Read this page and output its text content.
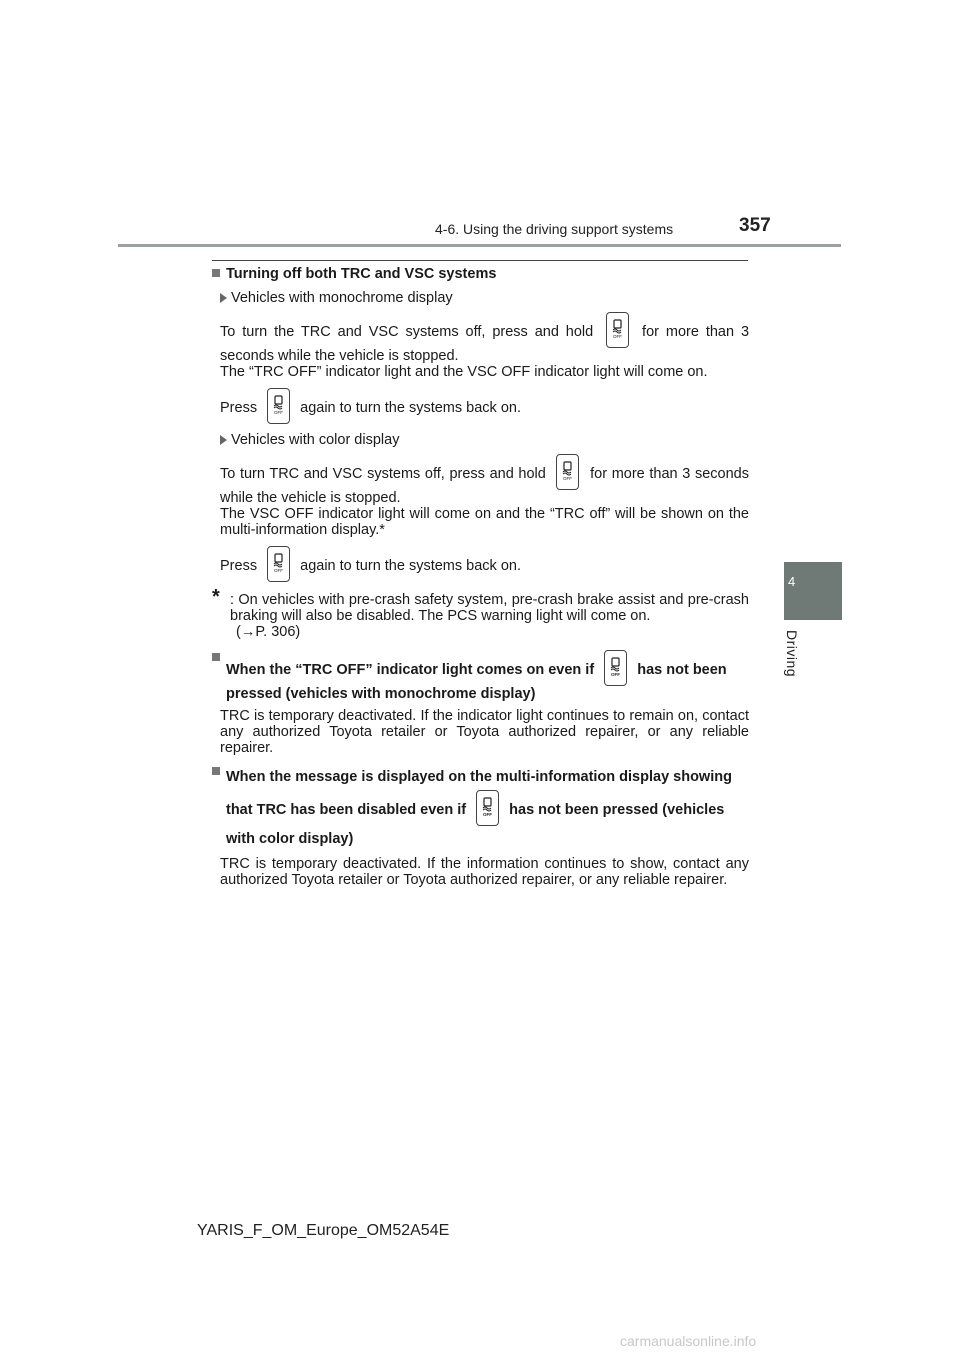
4-6. Using the driving support systems	357
4
Driving
Turning off both TRC and VSC systems
Vehicles with monochrome display

To turn the TRC and VSC systems off, press and hold	OFF for more than 3 seconds while the vehicle is stopped.

The “TRC OFF” indicator light and the VSC OFF indicator light will come on.

Press	OFF again to turn the systems back on.

Vehicles with color display

To turn TRC and VSC systems off, press and hold	OFF for more than 3 seconds while the vehicle is stopped.

The VSC OFF indicator light will come on and the “TRC off” will be shown on the multi-information display.*

Press	OFF again to turn the systems back on.

* : On vehicles with pre-crash safety system, pre-crash brake assist and pre-crash braking will also be disabled. The PCS warning light will come on.

(→P. 306)

When the “TRC OFF” indicator light comes on even if	OFF has not been pressed (vehicles with monochrome display)

TRC is temporary deactivated. If the indicator light continues to remain on, contact any authorized Toyota retailer or Toyota authorized repairer, or any reliable repairer.

When the message is displayed on the multi-information display showing that TRC has been disabled even if	OFF has not been pressed (vehicles with color display)

TRC is temporary deactivated. If the information continues to show, contact any authorized Toyota retailer or Toyota authorized repairer, or any reliable repairer.

YARIS_F_OM_Europe_OM52A54E
carmanualsonline.info
